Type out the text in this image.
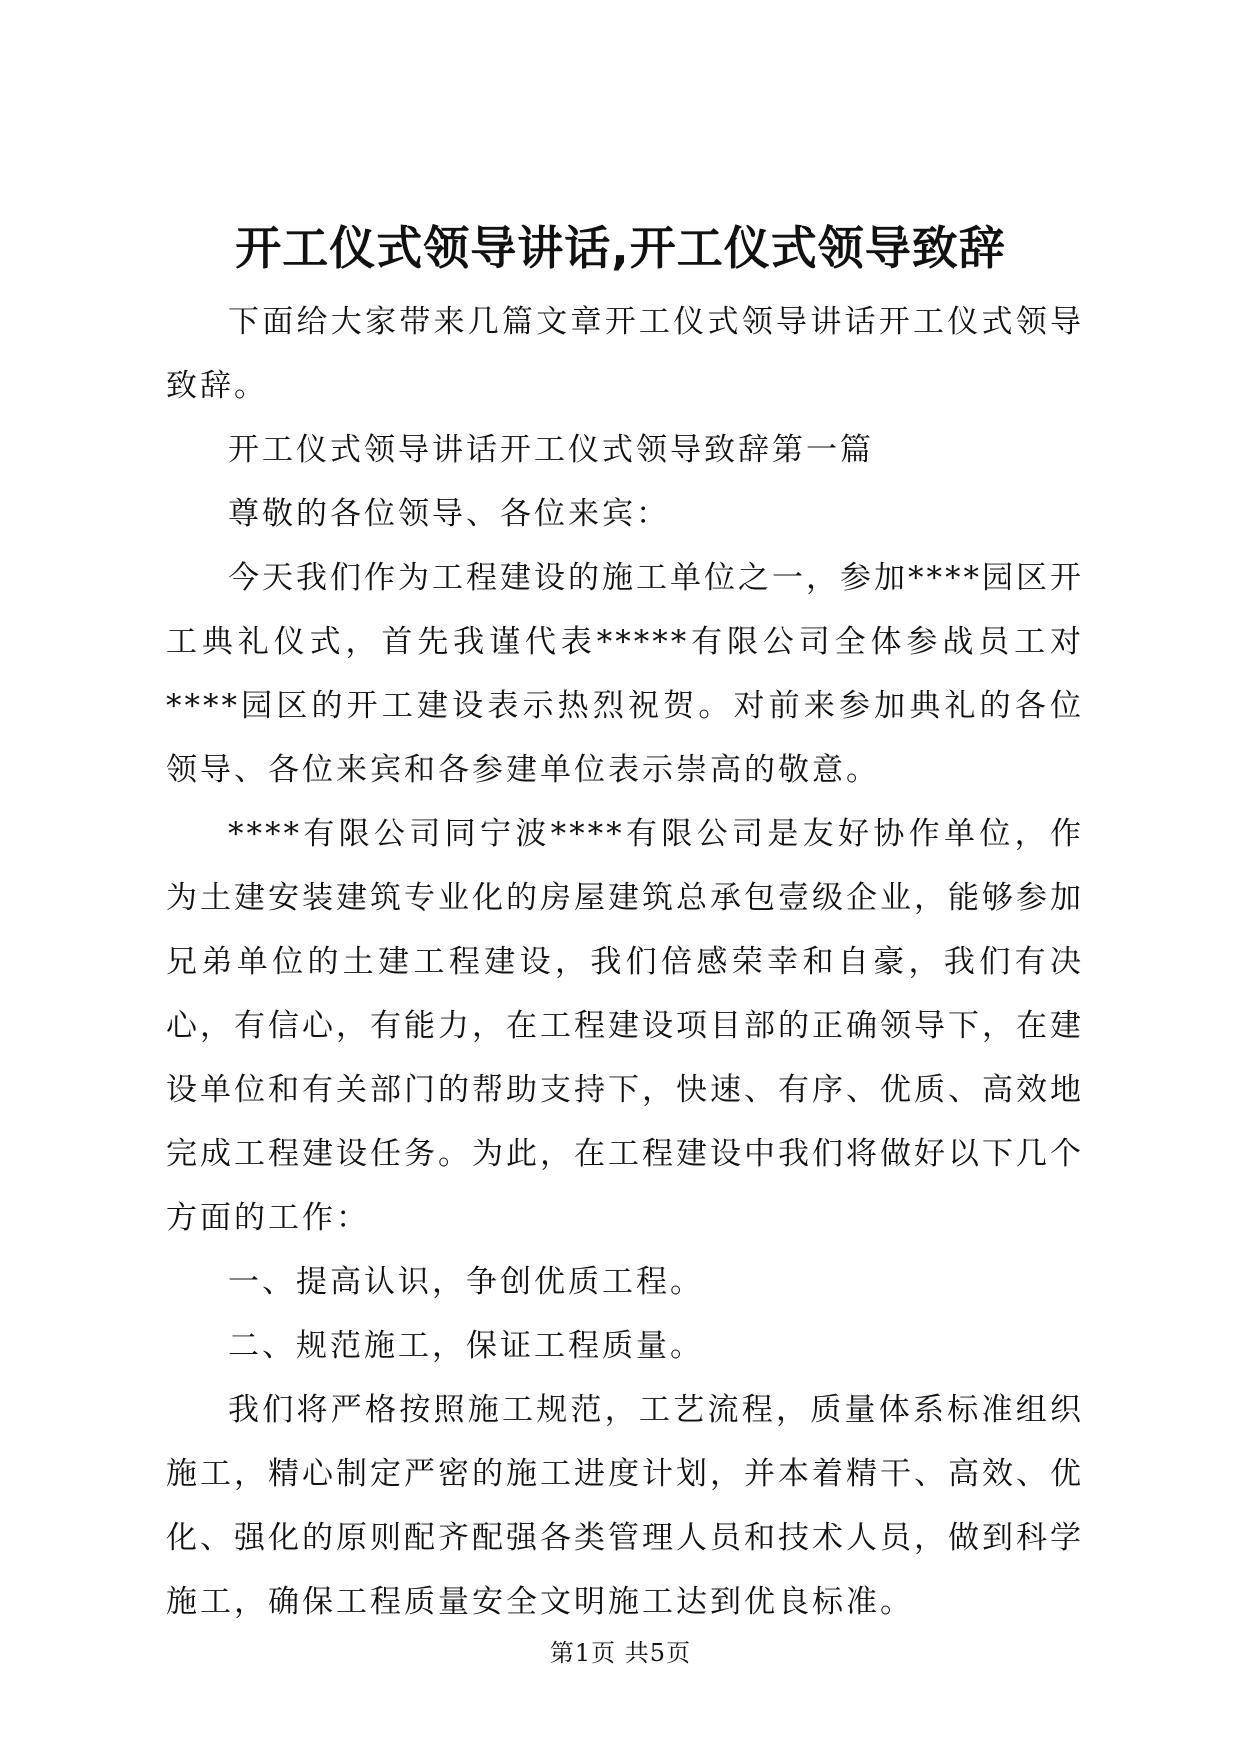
开工仪式领导讲话,开工仪式领导致辞

下面给大家带来几篇文章开工仪式领导讲话开工仪式领导致辞。

开工仪式领导讲话开工仪式领导致辞第一篇

尊敬的各位领导、各位来宾：

今天我们作为工程建设的施工单位之一，参加****园区开工典礼仪式，首先我谨代表*****有限公司全体参战员工对****园区的开工建设表示热烈祝贺。对前来参加典礼的各位领导、各位来宾和各参建单位表示崇高的敬意。

****有限公司同宁波****有限公司是友好协作单位，作为土建安装建筑专业化的房屋建筑总承包壹级企业，能够参加兄弟单位的土建工程建设，我们倍感荣幸和自豪，我们有决心，有信心，有能力，在工程建设项目部的正确领导下，在建设单位和有关部门的帮助支持下，快速、有序、优质、高效地完成工程建设任务。为此，在工程建设中我们将做好以下几个方面的工作：

一、提高认识，争创优质工程。

二、规范施工，保证工程质量。

我们将严格按照施工规范，工艺流程，质量体系标准组织施工，精心制定严密的施工进度计划，并本着精干、高效、优化、强化的原则配齐配强各类管理人员和技术人员，做到科学施工，确保工程质量安全文明施工达到优良标准。

第1页 共5页
